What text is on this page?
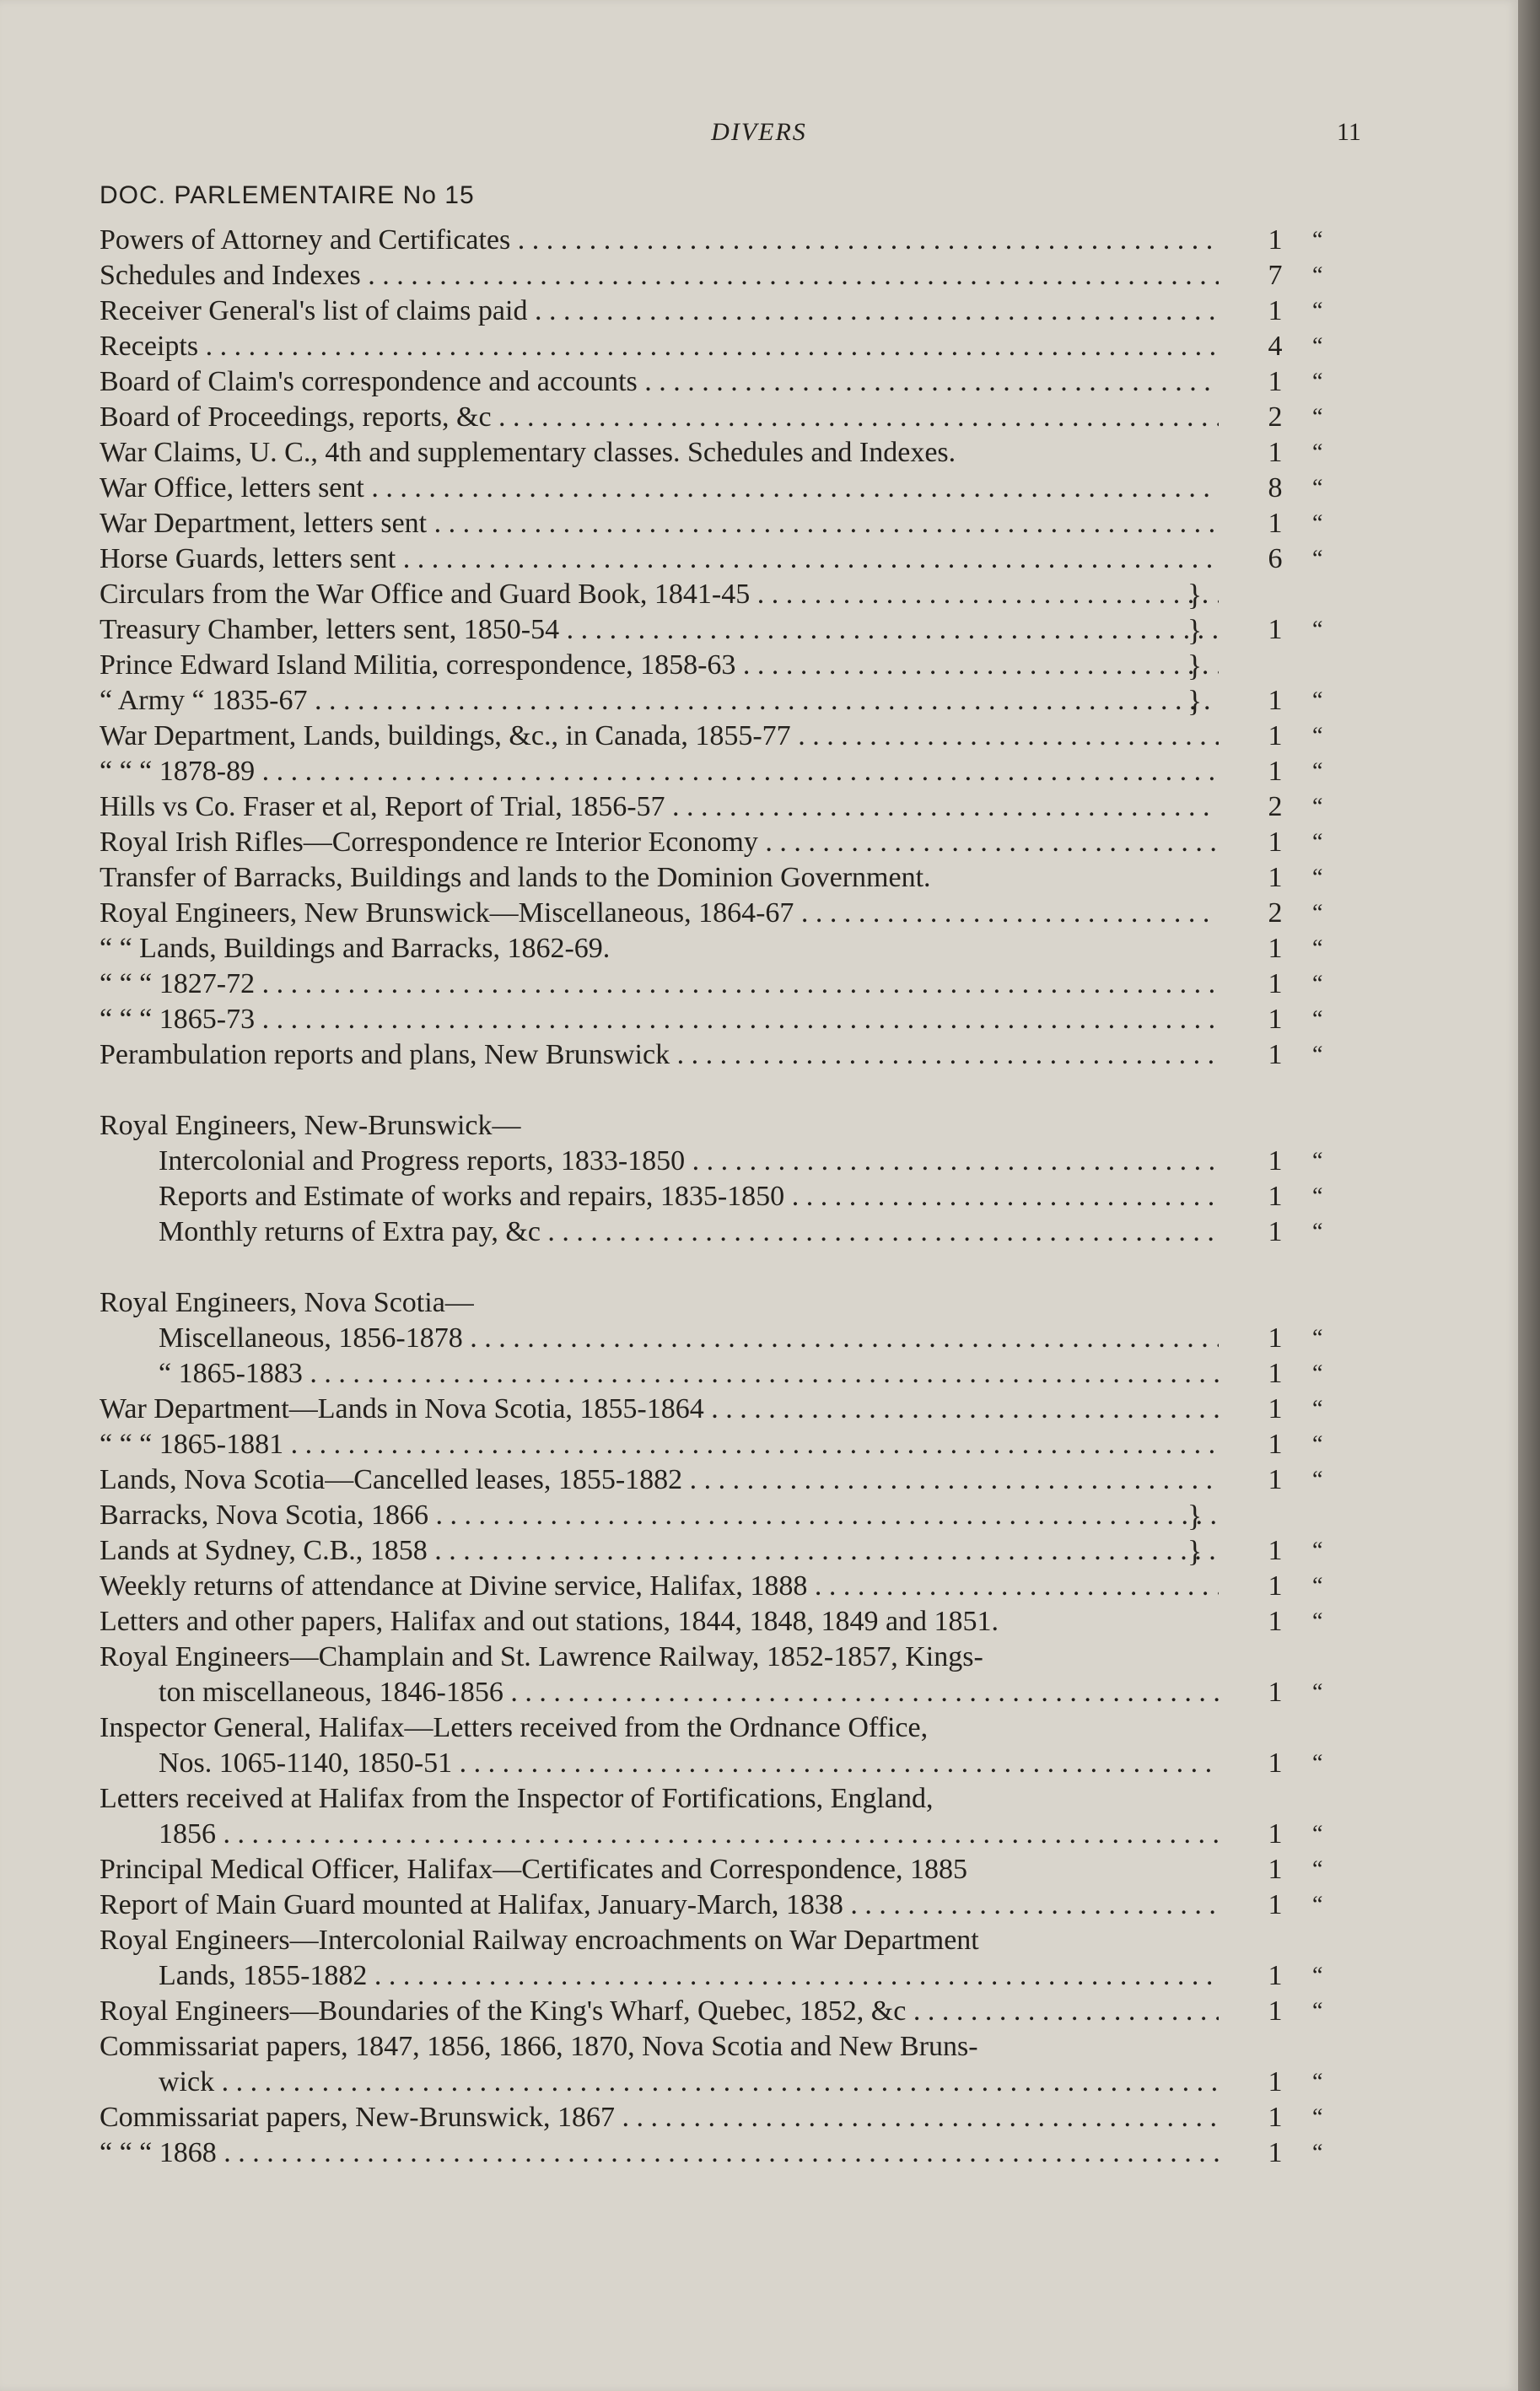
DIVERS	11
DOC. PARLEMENTAIRE No 15
Powers of Attorney and Certificates . . .	1 “
Schedules and Indexes . . .	7 “
Receiver General's list of claims paid . . .	1 “
Receipts . . .	4 “
Board of Claim's correspondence and accounts . . .	1 “
Board of Proceedings, reports, &c . . .	2 “
War Claims, U. C., 4th and supplementary classes. Schedules and Indexes.	1 “
War Office, letters sent . . .	8 “
War Department, letters sent . . .	1 “
Horse Guards, letters sent . . .	6 “
Circulars from the War Office and Guard Book, 1841-45 . . .	}
Treasury Chamber, letters sent, 1850-54 . . .	} 1 “
Prince Edward Island Militia, correspondence, 1858-63 . . .	}
“ Army “ 1835-67 . . .	} 1 “
War Department, Lands, buildings, &c., in Canada, 1855-77 . . .	1 “
“ “ “ 1878-89 . . .	1 “
Hills vs Co. Fraser et al, Report of Trial, 1856-57 . . .	2 “
Royal Irish Rifles—Correspondence re Interior Economy . . .	1 “
Transfer of Barracks, Buildings and lands to the Dominion Government.	1 “
Royal Engineers, New Brunswick—Miscellaneous, 1864-67 . . .	2 “
“ “ Lands, Buildings and Barracks, 1862-69.	1 “
“ “ “ 1827-72 . . .	1 “
“ “ “ 1865-73 . . .	1 “
Perambulation reports and plans, New Brunswick . . .	1 “
Royal Engineers, New-Brunswick—
Intercolonial and Progress reports, 1833-1850 . . .	1 “
Reports and Estimate of works and repairs, 1835-1850 . . .	1 “
Monthly returns of Extra pay, &c . . .	1 “
Royal Engineers, Nova Scotia—
Miscellaneous, 1856-1878 . . .	1 “
“ 1865-1883 . . .	1 “
War Department—Lands in Nova Scotia, 1855-1864 . . .	1 “
“ “ “ 1865-1881 . . .	1 “
Lands, Nova Scotia—Cancelled leases, 1855-1882 . . .	1 “
Barracks, Nova Scotia, 1866 . . .	}
Lands at Sydney, C.B., 1858 . . .	} 1 “
Weekly returns of attendance at Divine service, Halifax, 1888 . . .	1 “
Letters and other papers, Halifax and out stations, 1844, 1848, 1849 and 1851.	1 “
Royal Engineers—Champlain and St. Lawrence Railway, 1852-1857, Kings-
ton miscellaneous, 1846-1856 . . .	1 “
Inspector General, Halifax—Letters received from the Ordnance Office,
Nos. 1065-1140, 1850-51 . . .	1 “
Letters received at Halifax from the Inspector of Fortifications, England,
1856 . . .	1 “
Principal Medical Officer, Halifax—Certificates and Correspondence, 1885	1 “
Report of Main Guard mounted at Halifax, January-March, 1838 . . .	1 “
Royal Engineers—Intercolonial Railway encroachments on War Department
Lands, 1855-1882 . . .	1 “
Royal Engineers—Boundaries of the King's Wharf, Quebec, 1852, &c . . .	1 “
Commissariat papers, 1847, 1856, 1866, 1870, Nova Scotia and New Bruns-
wick . . .	1 “
Commissariat papers, New-Brunswick, 1867 . . .	1 “
“ “ “ 1868 . . .	1 “
